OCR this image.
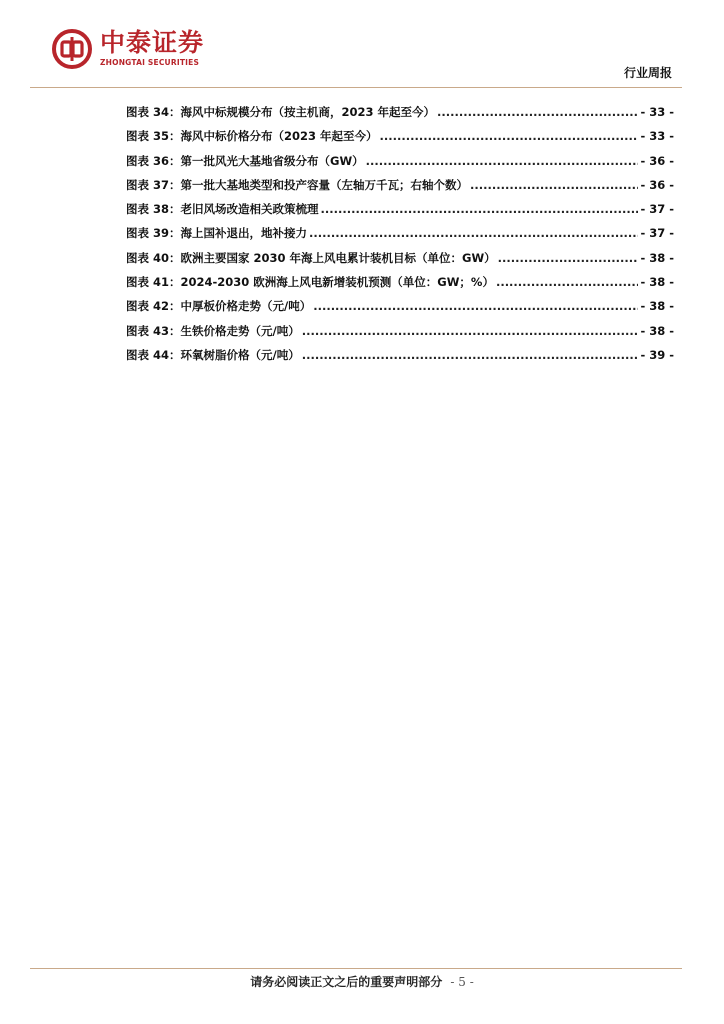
中泰证券
ZHONGTAI SECURITIES
行业周报
图表 34：海风中标规模分布（按主机商，2023 年起至今） .....	- 33 -
图表 35：海风中标价格分布（2023 年起至今） .....	- 33 -
图表 36：第一批风光大基地省级分布（GW） .....	- 36 -
图表 37：第一批大基地类型和投产容量（左轴万千瓦；右轴个数） .....	- 36 -
图表 38：老旧风场改造相关政策梳理 .....	- 37 -
图表 39：海上国补退出，地补接力 .....	- 37 -
图表 40：欧洲主要国家 2030 年海上风电累计装机目标（单位：GW） .....	- 38 -
图表 41：2024-2030 欧洲海上风电新增装机预测（单位：GW；%） .....	- 38 -
图表 42：中厚板价格走势（元/吨） .....	- 38 -
图表 43：生铁价格走势（元/吨） .....	- 38 -
图表 44：环氧树脂价格（元/吨） .....	- 39 -
请务必阅读正文之后的重要声明部分 - 5 -
